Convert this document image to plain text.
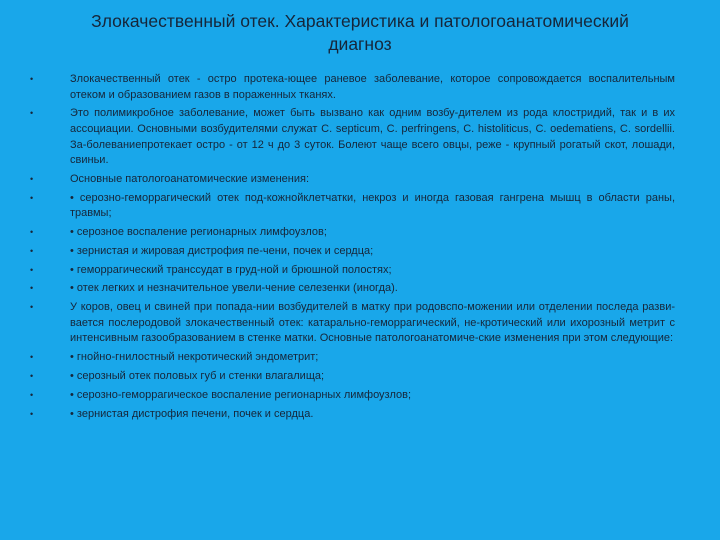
Злокачественный отек. Характеристика и патологоанатомический диагноз
•	Злокачественный отек - остро протека-ющее раневое заболевание, которое сопровождается воспалительным отеком и образованием газов в пораженных тканях.
•	Это полимикробное заболевание, может быть вызвано как одним возбу-дителем из рода клостридий, так и в их ассоциации. Основными возбудителями служат C. septicum, C. perfringens, C. histoliticus, C. oedematiens, C. sordellii. За-болеваниепротекает остро - от 12 ч до 3 суток. Болеют чаще всего овцы, реже - крупный рогатый скот, лошади, свиньи.
•	Основные патологоанатомические изменения:
•	• серозно-геморрагический отек под-кожнойклетчатки, некроз и иногда газовая гангрена мышц в области раны, травмы;
•	• серозное воспаление регионарных лимфоузлов;
•	• зернистая и жировая дистрофия пе-чени, почек и сердца;
•	• геморрагический транссудат в груд-ной и брюшной полостях;
•	• отек легких и незначительное увели-чение селезенки (иногда).
•	У коров, овец и свиней при попада-нии возбудителей в матку при родовспо-можении или отделении последа разви-вается послеродовой злокачественный отек: катарально-геморрагический, не-кротический или ихорозный метрит с интенсивным газообразованием в стенке матки. Основные патологоанатомиче-ские изменения при этом следующие:
•	• гнойно-гнилостный некротический эндометрит;
•	• серозный отек половых губ и стенки влагалища;
•	• серозно-геморрагическое воспаление регионарных лимфоузлов;
•	• зернистая дистрофия печени, почек и сердца.
